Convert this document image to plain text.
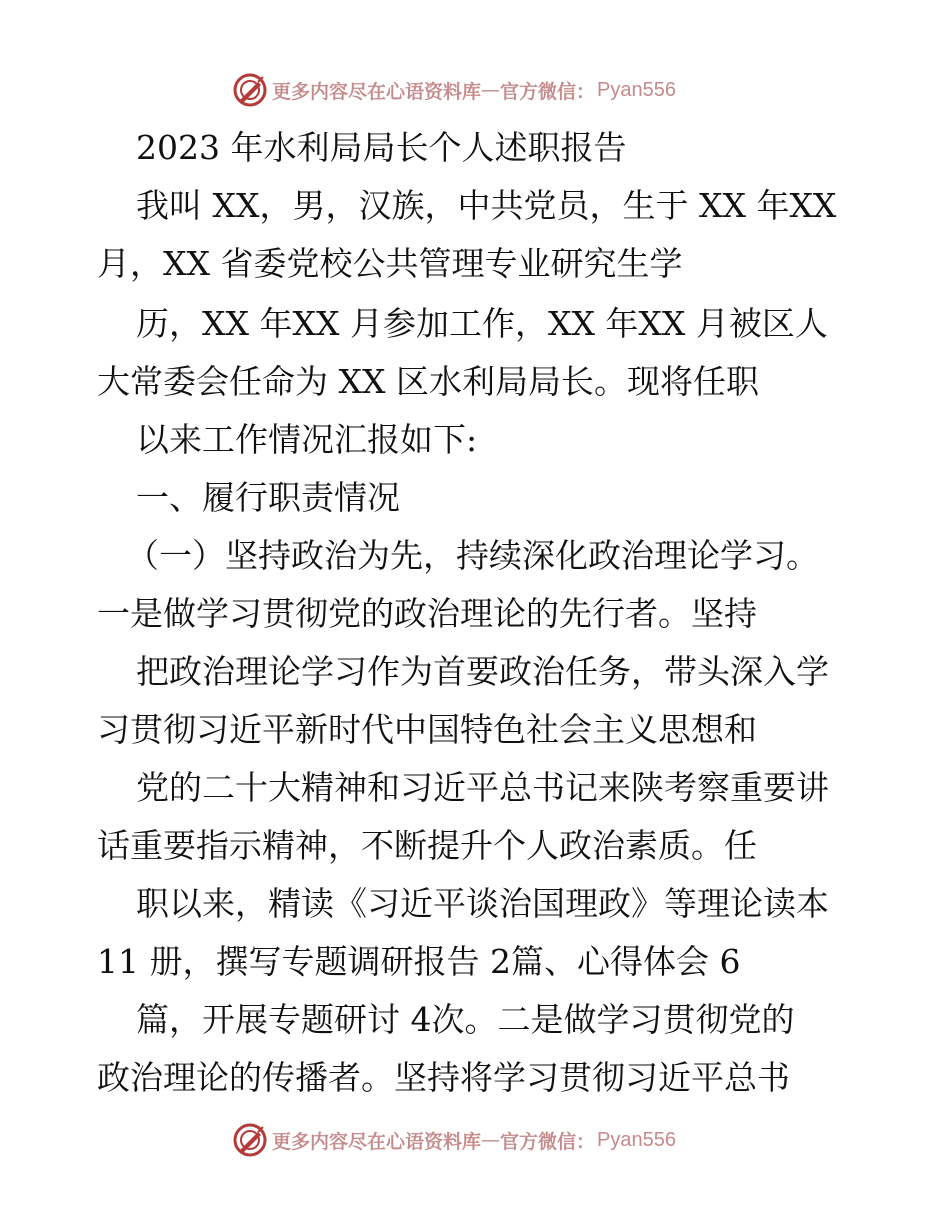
更多内容尽在心语资料库 — 官方微信： Pyan556
2023 年水利局局长个人述职报告
我叫 XX，男，汉族，中共党员，生于 XX 年XX
月，XX 省委党校公共管理专业研究生学
历，XX 年XX 月参加工作，XX 年XX 月被区人
大常委会任命为 XX 区水利局局长。现将任职
以来工作情况汇报如下:
一、履行职责情况
（一）坚持政治为先，持续深化政治理论学习。
一是做学习贯彻党的政治理论的先行者。坚持
把政治理论学习作为首要政治任务，带头深入学
习贯彻习近平新时代中国特色社会主义思想和
党的二十大精神和习近平总书记来陕考察重要讲
话重要指示精神，不断提升个人政治素质。任
职以来，精读《习近平谈治国理政》等理论读本
11 册，撰写专题调研报告 2篇、心得体会 6
篇，开展专题研讨 4次。二是做学习贯彻党的
政治理论的传播者。坚持将学习贯彻习近平总书
更多内容尽在心语资料库 — 官方微信： Pyan556
